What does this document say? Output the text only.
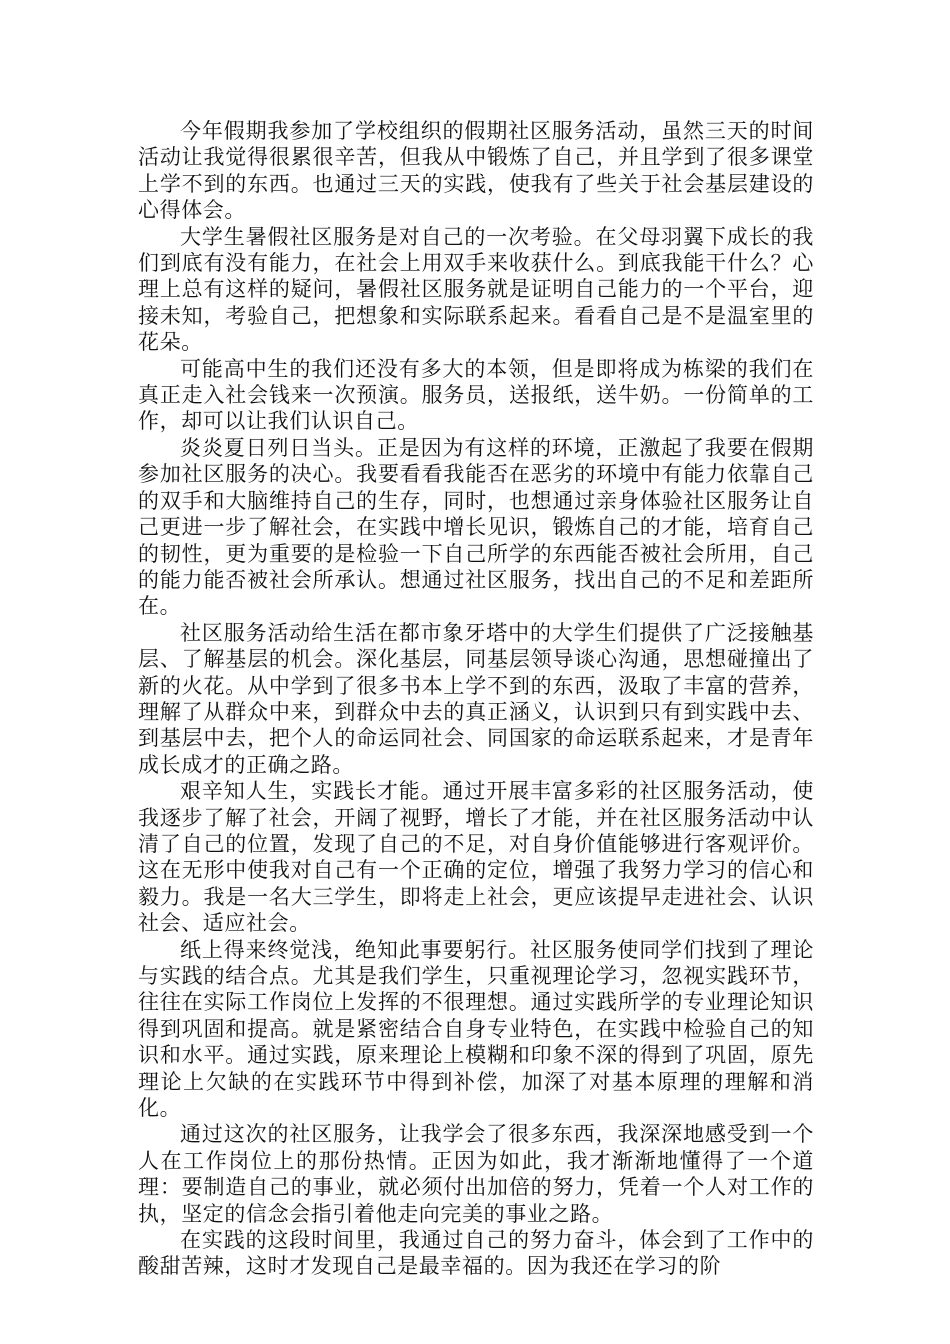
今年假期我参加了学校组织的假期社区服务活动，虽然三天的时间活动让我觉得很累很辛苦，但我从中锻炼了自己，并且学到了很多课堂上学不到的东西。也通过三天的实践，使我有了些关于社会基层建设的心得体会。

大学生暑假社区服务是对自己的一次考验。在父母羽翼下成长的我们到底有没有能力，在社会上用双手来收获什么。到底我能干什么？心理上总有这样的疑问，暑假社区服务就是证明自己能力的一个平台，迎接未知，考验自己，把想象和实际联系起来。看看自己是不是温室里的花朵。

可能高中生的我们还没有多大的本领，但是即将成为栋梁的我们在真正走入社会钱来一次预演。服务员，送报纸，送牛奶。一份简单的工作，却可以让我们认识自己。

炎炎夏日列日当头。正是因为有这样的环境，正激起了我要在假期参加社区服务的决心。我要看看我能否在恶劣的环境中有能力依靠自己的双手和大脑维持自己的生存，同时，也想通过亲身体验社区服务让自己更进一步了解社会，在实践中增长见识，锻炼自己的才能，培育自己的韧性，更为重要的是检验一下自己所学的东西能否被社会所用，自己的能力能否被社会所承认。想通过社区服务，找出自己的不足和差距所在。

社区服务活动给生活在都市象牙塔中的大学生们提供了广泛接触基层、了解基层的机会。深化基层，同基层领导谈心沟通，思想碰撞出了新的火花。从中学到了很多书本上学不到的东西，汲取了丰富的营养，理解了从群众中来，到群众中去的真正涵义，认识到只有到实践中去、到基层中去，把个人的命运同社会、同国家的命运联系起来，才是青年成长成才的正确之路。

艰辛知人生，实践长才能。通过开展丰富多彩的社区服务活动，使我逐步了解了社会，开阔了视野，增长了才能，并在社区服务活动中认清了自己的位置，发现了自己的不足，对自身价值能够进行客观评价。这在无形中使我对自己有一个正确的定位，增强了我努力学习的信心和毅力。我是一名大三学生，即将走上社会，更应该提早走进社会、认识社会、适应社会。

纸上得来终觉浅，绝知此事要躬行。社区服务使同学们找到了理论与实践的结合点。尤其是我们学生，只重视理论学习，忽视实践环节，往往在实际工作岗位上发挥的不很理想。通过实践所学的专业理论知识得到巩固和提高。就是紧密结合自身专业特色，在实践中检验自己的知识和水平。通过实践，原来理论上模糊和印象不深的得到了巩固，原先理论上欠缺的在实践环节中得到补偿，加深了对基本原理的理解和消化。

通过这次的社区服务，让我学会了很多东西，我深深地感受到一个人在工作岗位上的那份热情。正因为如此，我才渐渐地懂得了一个道理：要制造自己的事业，就必须付出加倍的努力，凭着一个人对工作的执，坚定的信念会指引着他走向完美的事业之路。

在实践的这段时间里，我通过自己的努力奋斗，体会到了工作中的酸甜苦辣，这时才发现自己是最幸福的。因为我还在学习的阶
